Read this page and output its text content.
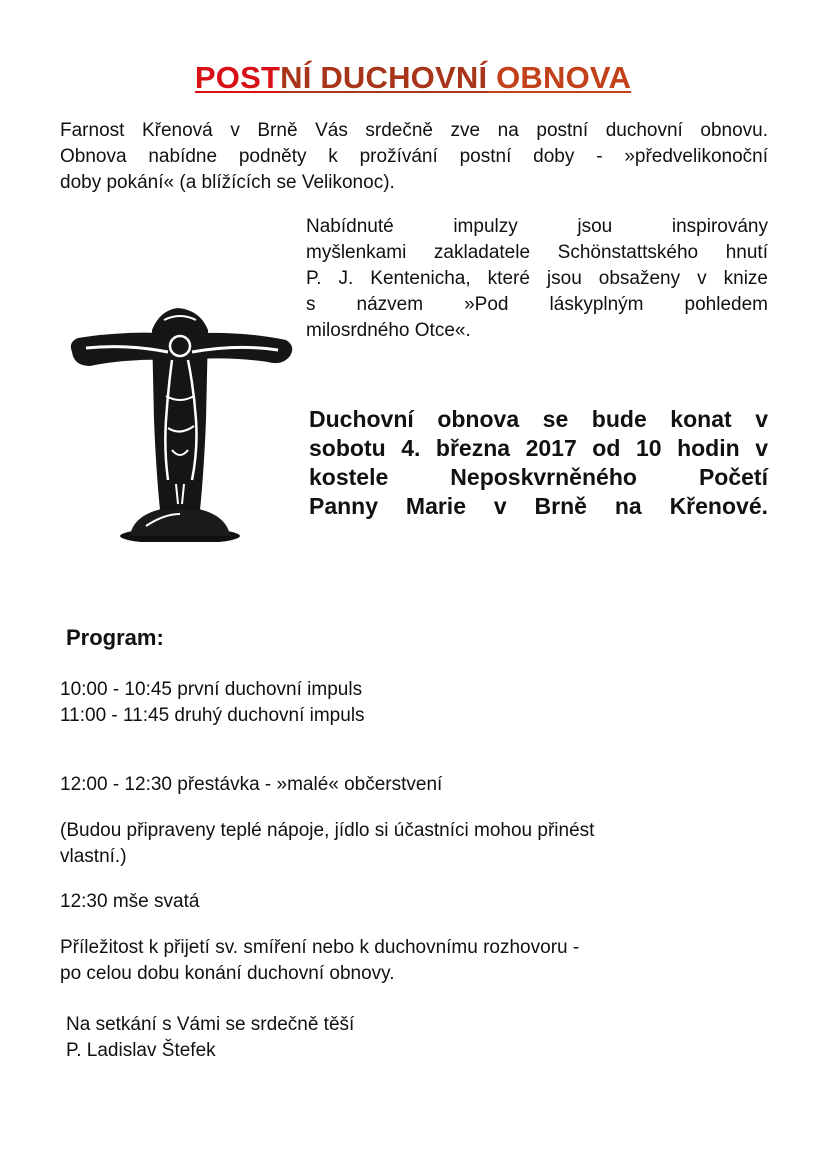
POSTNÍ DUCHOVNÍ OBNOVA
Farnost Křenová v Brně Vás srdečně zve na postní duchovní obnovu.
Obnova nabídne podněty k prožívání postní doby - »předvelikonoční
doby pokání« (a blížících se Velikonoc).
Nabídnuté impulzy jsou inspirovány
myšlenkami zakladatele Schönstattského hnutí
P. J. Kentenicha, které jsou obsaženy v knize
s názvem »Pod láskyplným pohledem
milosrdného Otce«.
Duchovní obnova se bude konat v
sobotu 4. března 2017 od 10 hodin v
kostele Neposkvrněného Početí
Panny Marie v Brně na Křenové.
Program:
10:00 - 10:45 první duchovní impuls
11:00 - 11:45 druhý duchovní impuls
12:00 - 12:30 přestávka - »malé« občerstvení
(Budou připraveny teplé nápoje, jídlo si účastníci mohou přinést
vlastní.)
12:30 mše svatá
Příležitost k přijetí sv. smíření nebo k duchovnímu rozhovoru -
po celou dobu konání duchovní obnovy.
Na setkání s Vámi se srdečně těší
P. Ladislav Štefek
